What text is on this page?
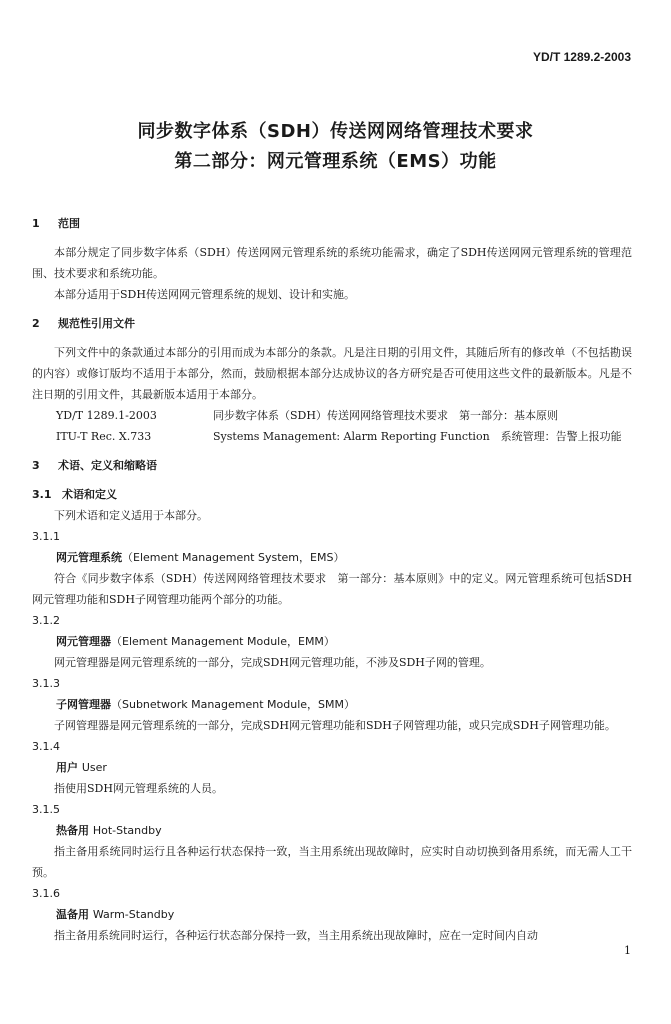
YD/T 1289.2-2003
同步数字体系（SDH）传送网网络管理技术要求
第二部分：网元管理系统（EMS）功能
1 范围
本部分规定了同步数字体系（SDH）传送网网元管理系统的系统功能需求，确定了SDH传送网网元管理系统的管理范围、技术要求和系统功能。
本部分适用于SDH传送网网元管理系统的规划、设计和实施。
2 规范性引用文件
下列文件中的条款通过本部分的引用而成为本部分的条款。凡是注日期的引用文件，其随后所有的修改单（不包括勘误的内容）或修订版均不适用于本部分，然而，鼓励根据本部分达成协议的各方研究是否可使用这些文件的最新版本。凡是不注日期的引用文件，其最新版本适用于本部分。
YD/T 1289.1-2003	同步数字体系（SDH）传送网网络管理技术要求　第一部分：基本原则
ITU-T Rec. X.733	Systems Management: Alarm Reporting Function　系统管理：告警上报功能
3 术语、定义和缩略语
3.1 术语和定义
下列术语和定义适用于本部分。
3.1.1
网元管理系统（Element Management System，EMS）
符合《同步数字体系（SDH）传送网网络管理技术要求　第一部分：基本原则》中的定义。网元管理系统可包括SDH网元管理功能和SDH子网管理功能两个部分的功能。
3.1.2
网元管理器（Element Management Module，EMM）
网元管理器是网元管理系统的一部分，完成SDH网元管理功能，不涉及SDH子网的管理。
3.1.3
子网管理器（Subnetwork Management Module，SMM）
子网管理器是网元管理系统的一部分，完成SDH网元管理功能和SDH子网管理功能，或只完成SDH子网管理功能。
3.1.4
用户 User
指使用SDH网元管理系统的人员。
3.1.5
热备用 Hot-Standby
指主备用系统同时运行且各种运行状态保持一致，当主用系统出现故障时，应实时自动切换到备用系统，而无需人工干预。
3.1.6
温备用 Warm-Standby
指主备用系统同时运行，各种运行状态部分保持一致，当主用系统出现故障时，应在一定时间内自动
1
